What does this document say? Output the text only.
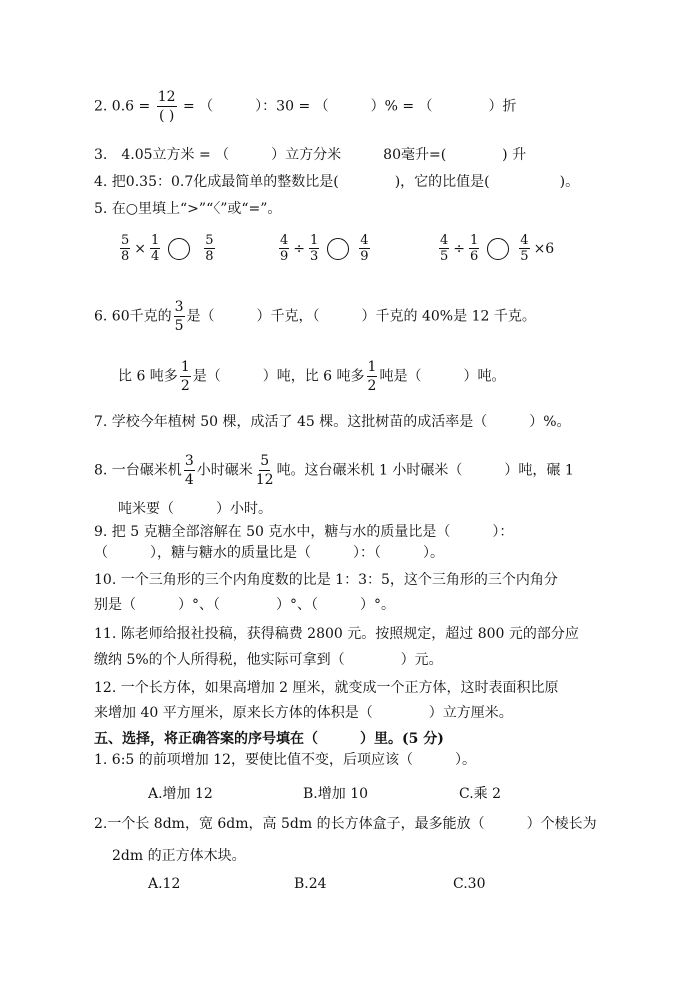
2. $0.6 = \frac{12}{( )}$ = （　　　）：30 = （　　　）% = （　　　　）折
3.　4.05立方米 = （　　　）立方分米　　　80毫升=(　　　　) 升
4. 把0.35：0.7化成最简单的整数比是(　　　　)，它的比值是(　　　　　)。
5. 在○里填上“>”“〈”或“=”。
$\frac{5}{8} \times \frac{1}{4}$	$\frac{5}{8}$	$\frac{4}{9} \div \frac{1}{3}$	$\frac{4}{9}$	$\frac{4}{5} \div \frac{1}{6}$	$\frac{4}{5} \times 6$
6. 60千克的 $\frac{3}{5}$ 是（　　　）千克，（　　　）千克的 40%是 12 千克。
比 6 吨多 $\frac{1}{2}$ 是（　　　）吨，比 6 吨多 $\frac{1}{2}$ 吨是（　　　）吨。
7. 学校今年植树 50 棵，成活了 45 棵。这批树苗的成活率是（　　　）%。
8. 一台碾米机 $\frac{3}{4}$ 小时碾米 $\frac{5}{12}$ 吨。这台碾米机 1 小时碾米（　　　）吨，碾 1
吨米要（　　　）小时。
9. 把 5 克糖全部溶解在 50 克水中，糖与水的质量比是（　　　）：
（　　　），糖与糖水的质量比是（　　　）：（　　　）。
10. 一个三角形的三个内角度数的比是 1：3：5，这个三角形的三个内角分
别是（　　　）°、（　　　　）°、（　　　）°。
11. 陈老师给报社投稿，获得稿费 2800 元。按照规定，超过 800 元的部分应
缴纳 5%的个人所得税，他实际可拿到（　　　　）元。
12. 一个长方体，如果高增加 2 厘米，就变成一个正方体，这时表面积比原
来增加 40 平方厘米，原来长方体的体积是（　　　　）立方厘米。
五、选择，将正确答案的序号填在（　　　）里。(5 分)
1. 6:5 的前项增加 12，要使比值不变，后项应该（　　　）。
A.增加 12	B.增加 10	C.乘 2
2.一个长 8dm，宽 6dm，高 5dm 的长方体盒子，最多能放（　　　）个棱长为
2dm 的正方体木块。
A.12	B.24	C.30
